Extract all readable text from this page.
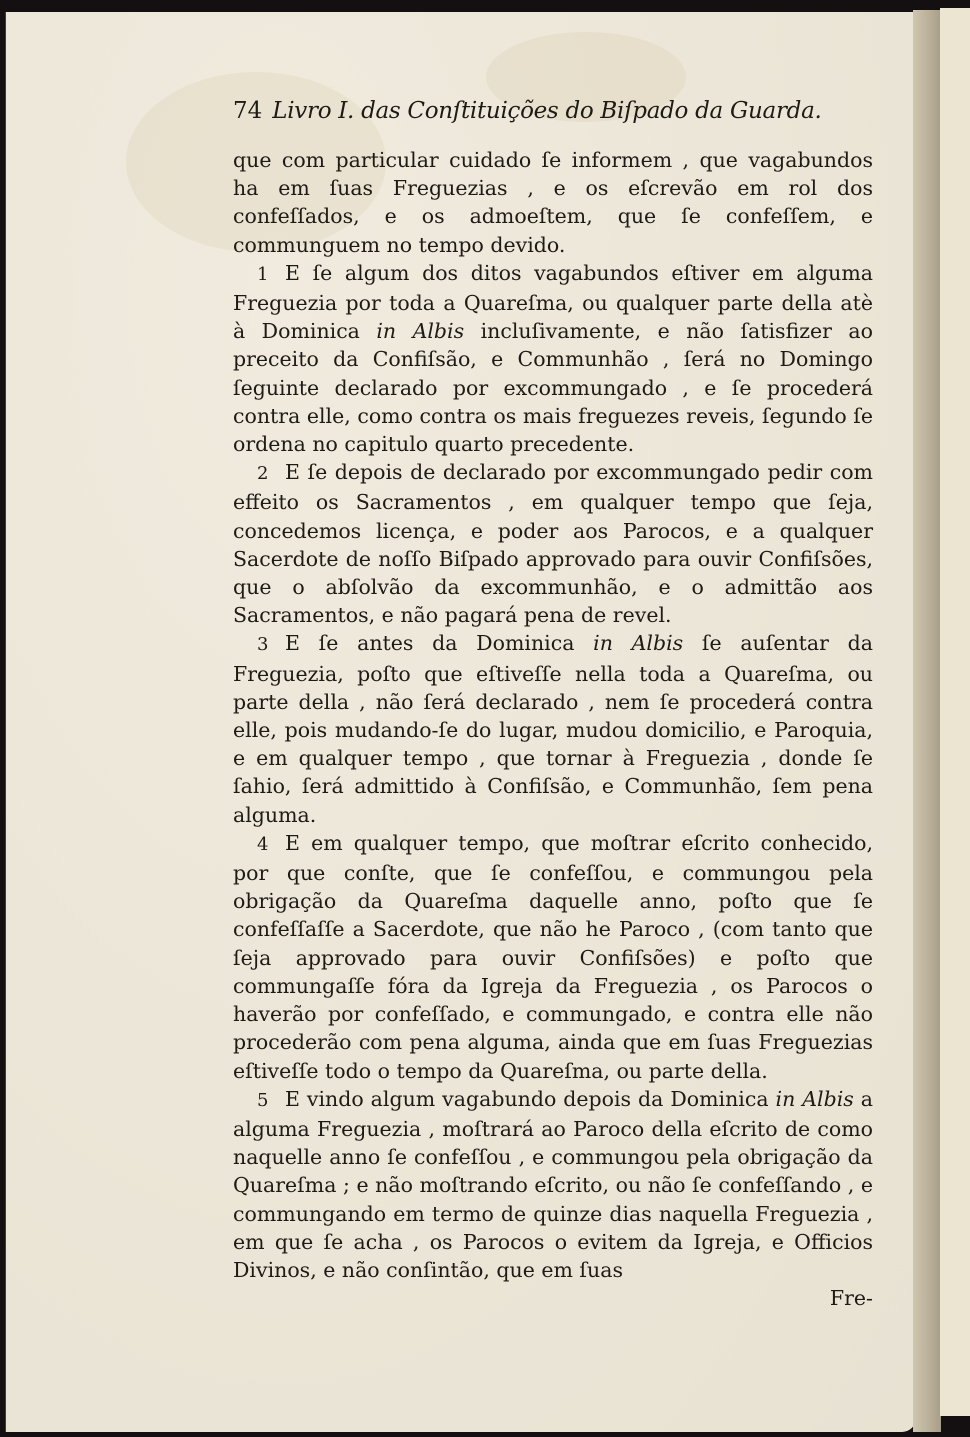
74 Livro I. das Conſtituições do Biſpado da Guarda.

que com particular cuidado ſe informem , que vagabundos ha em ſuas Freguezias , e os eſcrevão em rol dos confeſſados, e os admoeſtem, que ſe confeſſem, e communguem no tempo devido.

1 E ſe algum dos ditos vagabundos eſtiver em alguma Freguezia por toda a Quareſma, ou qualquer parte della atè à Dominica in Albis incluſivamente, e não ſatisfizer ao preceito da Confiſsão, e Communhão , ſerá no Domingo ſeguinte declarado por excommungado , e ſe procederá contra elle, como contra os mais freguezes reveis, ſegundo ſe ordena no capitulo quarto precedente.

2 E ſe depois de declarado por excommungado pedir com effeito os Sacramentos , em qualquer tempo que ſeja, concedemos licença, e poder aos Parocos, e a qualquer Sacerdote de noſſo Biſpado approvado para ouvir Confiſsões, que o abſolvão da excommunhão, e o admittão aos Sacramentos, e não pagará pena de revel.

3 E ſe antes da Dominica in Albis ſe auſentar da Freguezia, poſto que eſtiveſſe nella toda a Quareſma, ou parte della , não ſerá declarado , nem ſe procederá contra elle, pois mudando-ſe do lugar, mudou domicilio, e Paroquia, e em qualquer tempo , que tornar à Freguezia , donde ſe ſahio, ſerá admittido à Confiſsão, e Communhão, ſem pena alguma.

4 E em qualquer tempo, que moſtrar eſcrito conhecido, por que conſte, que ſe confeſſou, e commungou pela obrigação da Quareſma daquelle anno, poſto que ſe confeſſaſſe a Sacerdote, que não he Paroco , (com tanto que ſeja approvado para ouvir Confiſsões) e poſto que commungaſſe fóra da Igreja da Freguezia , os Parocos o haverão por confeſſado, e commungado, e contra elle não procederão com pena alguma, ainda que em ſuas Freguezias eſtiveſſe todo o tempo da Quareſma, ou parte della.

5 E vindo algum vagabundo depois da Dominica in Albis a alguma Freguezia , moſtrará ao Paroco della eſcrito de como naquelle anno ſe confeſſou , e commungou pela obrigação da Quareſma ; e não moſtrando eſcrito, ou não ſe confeſſando , e commungando em termo de quinze dias naquella Freguezia , em que ſe acha , os Parocos o evitem da Igreja, e Officios Divinos, e não conſintão, que em ſuas

Fre-
